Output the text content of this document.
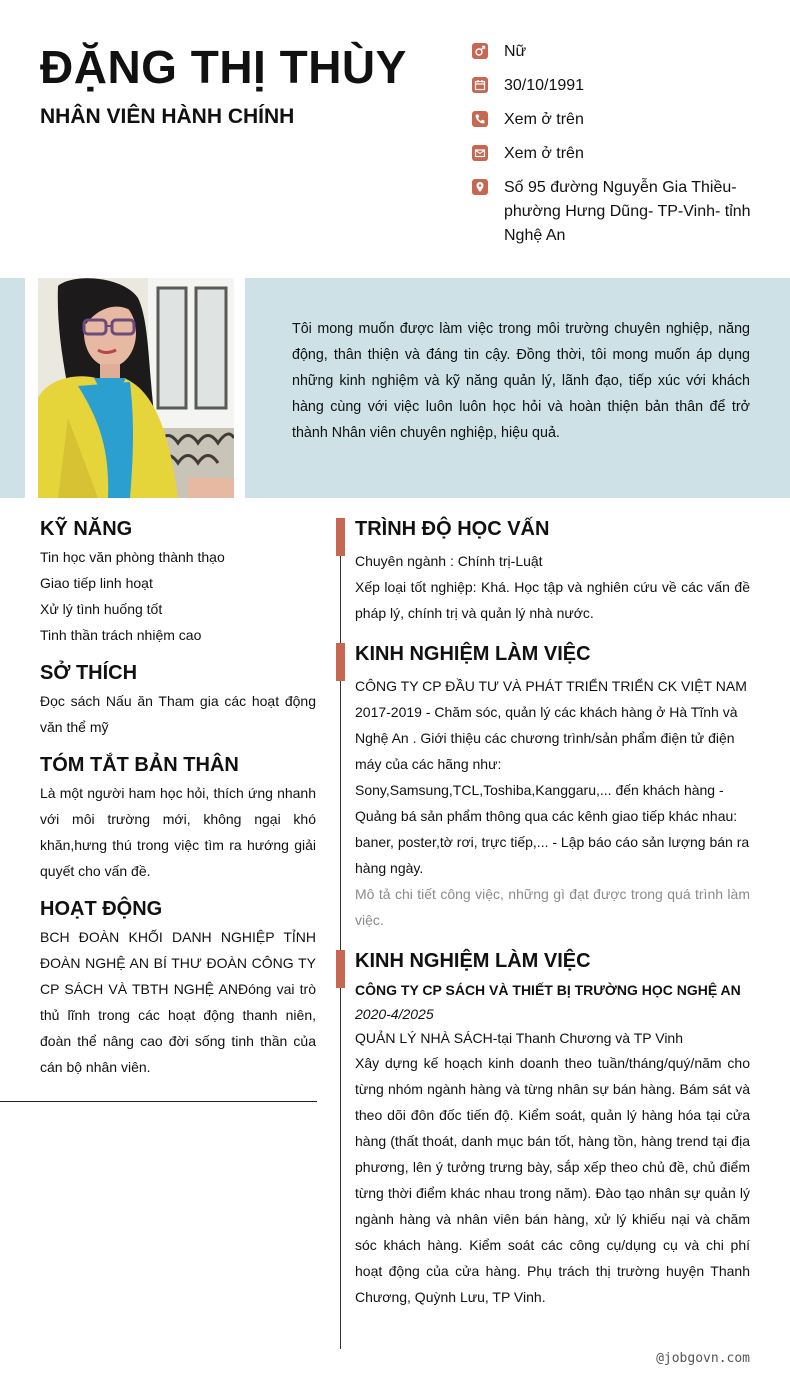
ĐẶNG THỊ THÙY
NHÂN VIÊN HÀNH CHÍNH
Nữ
30/10/1991
Xem ở trên
Xem ở trên
Số 95 đường Nguyễn Gia Thiều- phường Hưng Dũng- TP-Vinh- tỉnh Nghệ An
Tôi mong muốn được làm việc trong môi trường chuyên nghiệp, năng động, thân thiện và đáng tin cậy. Đồng thời, tôi mong muốn áp dụng những kinh nghiệm và kỹ năng quản lý, lãnh đạo, tiếp xúc với khách hàng cùng với việc luôn luôn học hỏi và hoàn thiện bản thân để trở thành Nhân viên chuyên nghiệp, hiệu quả.
KỸ NĂNG
Tin học văn phòng thành thạo
Giao tiếp linh hoạt
Xử lý tình huống tốt
Tinh thần trách nhiệm cao
SỞ THÍCH
Đọc sách Nấu ăn Tham gia các hoạt động văn thể mỹ
TÓM TẮT BẢN THÂN
Là một người ham học hỏi, thích ứng nhanh với môi trường mới, không ngại khó khăn,hưng thú trong việc tìm ra hướng giải quyết cho vấn đề.
HOẠT ĐỘNG
BCH ĐOÀN KHỐI DANH NGHIỆP TỈNH ĐOÀN NGHỆ AN BÍ THƯ ĐOÀN CÔNG TY CP SÁCH VÀ TBTH NGHỆ ANĐóng vai trò thủ lĩnh trong các hoạt động thanh niên, đoàn thể nâng cao đời sống tinh thần của cán bộ nhân viên.
TRÌNH ĐỘ HỌC VẤN
Chuyên ngành : Chính trị-Luật
Xếp loại tốt nghiệp: Khá. Học tập và nghiên cứu về các vấn đề pháp lý, chính trị và quản lý nhà nước.
KINH NGHIỆM LÀM VIỆC
CÔNG TY CP ĐẦU TƯ VÀ PHÁT TRIỂN TRIỂN CK VIỆT NAM
2017-2019 - Chăm sóc, quản lý các khách hàng ở Hà Tĩnh và Nghệ An . Giới thiệu các chương trình/sản phẩm điện tử điện máy của các hãng như:
Sony,Samsung,TCL,Toshiba,Kanggaru,... đến khách hàng - Quảng bá sản phẩm thông qua các kênh giao tiếp khác nhau: baner, poster,tờ rơi, trực tiếp,... - Lập báo cáo sản lượng bán ra hàng ngày.
Mô tả chi tiết công việc, những gì đạt được trong quá trình làm việc.
KINH NGHIỆM LÀM VIỆC
CÔNG TY CP SÁCH VÀ THIẾT BỊ TRƯỜNG HỌC NGHỆ AN
2020-4/2025
QUẢN LÝ NHÀ SÁCH-tại Thanh Chương và TP Vinh
Xây dựng kế hoạch kinh doanh theo tuần/tháng/quý/năm cho từng nhóm ngành hàng và từng nhân sự bán hàng. Bám sát và theo dõi đôn đốc tiến độ. Kiểm soát, quản lý hàng hóa tại cửa hàng (thất thoát, danh mục bán tốt, hàng tồn, hàng trend tại địa phương, lên ý tưởng trưng bày, sắp xếp theo chủ đề, chủ điểm từng thời điểm khác nhau trong năm). Đào tạo nhân sự quản lý ngành hàng và nhân viên bán hàng, xử lý khiếu nại và chăm sóc khách hàng. Kiểm soát các công cụ/dụng cụ và chi phí hoạt động của cửa hàng. Phụ trách thị trường huyện Thanh Chương, Quỳnh Lưu, TP Vinh.
@jobgovn.com
